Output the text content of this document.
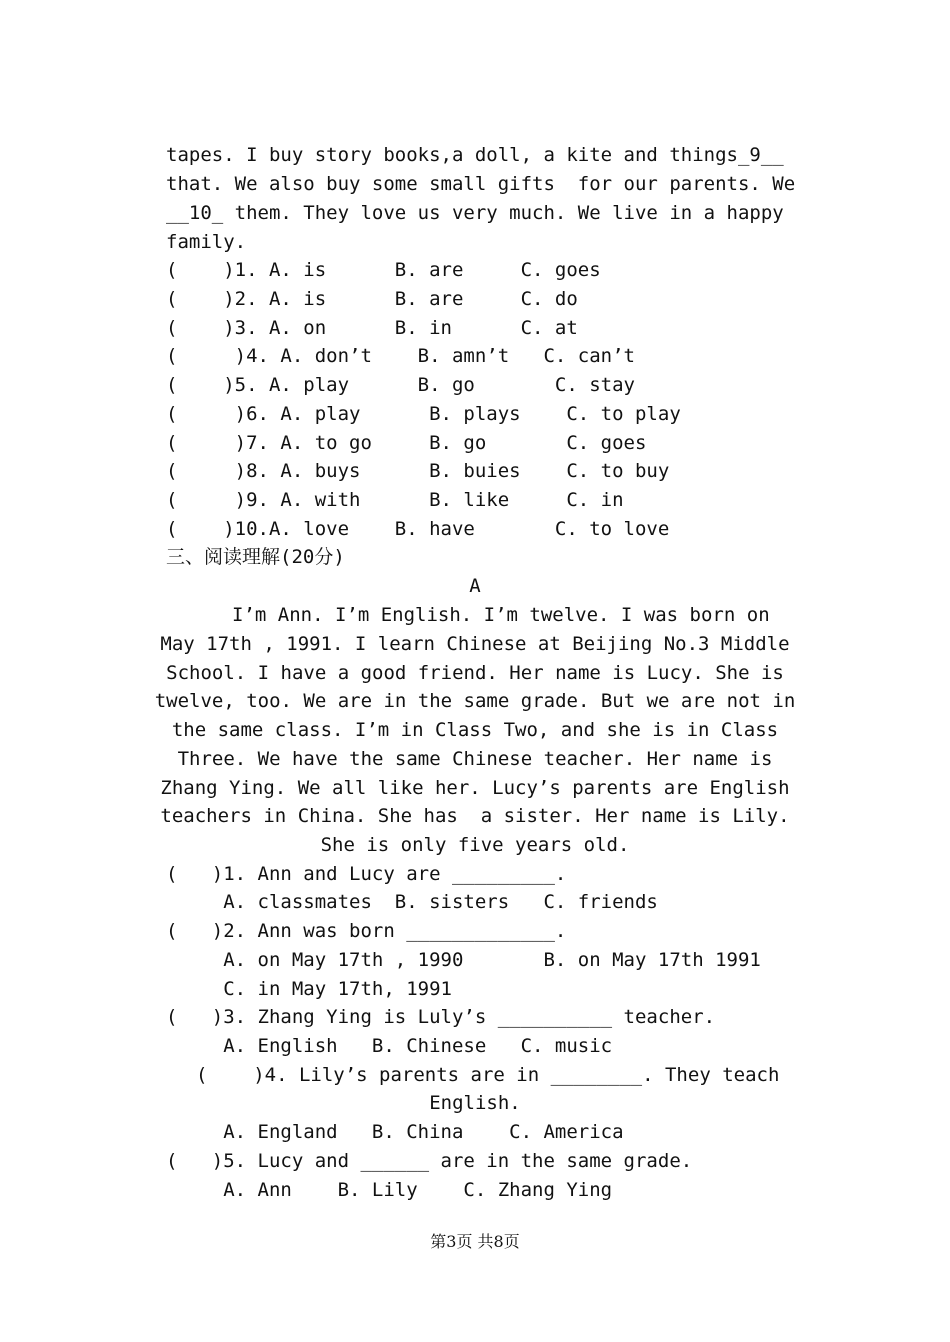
tapes. I buy story books,a doll, a kite and things_9__
that. We also buy some small gifts  for our parents. We
__10_ them. They love us very much. We live in a happy
family.
(    )1. A. is      B. are     C. goes
(    )2. A. is      B. are     C. do
(    )3. A. on      B. in      C. at
(     )4. A. don’t    B. amn’t   C. can’t
(    )5. A. play      B. go       C. stay
(     )6. A. play      B. plays    C. to play
(     )7. A. to go     B. go       C. goes
(     )8. A. buys      B. buies    C. to buy
(     )9. A. with      B. like     C. in
(    )10.A. love    B. have       C. to love
三、阅读理解(20分)
A
I’m Ann. I’m English. I’m twelve. I was born on
May 17th , 1991. I learn Chinese at Beijing No.3 Middle
School. I have a good friend. Her name is Lucy. She is
twelve, too. We are in the same grade. But we are not in
the same class. I’m in Class Two, and she is in Class
Three. We have the same Chinese teacher. Her name is
Zhang Ying. We all like her. Lucy’s parents are English
teachers in China. She has  a sister. Her name is Lily.
She is only five years old.
(   )1. Ann and Lucy are _________.
A. classmates  B. sisters   C. friends
(   )2. Ann was born _____________.
A. on May 17th , 1990       B. on May 17th 1991
C. in May 17th, 1991
(   )3. Zhang Ying is Luly’s __________ teacher.
A. English   B. Chinese   C. music
(    )4. Lily’s parents are in ________. They teach
English.
A. England   B. China    C. America
(   )5. Lucy and ______ are in the same grade.
A. Ann    B. Lily    C. Zhang Ying
第3页 共8页
